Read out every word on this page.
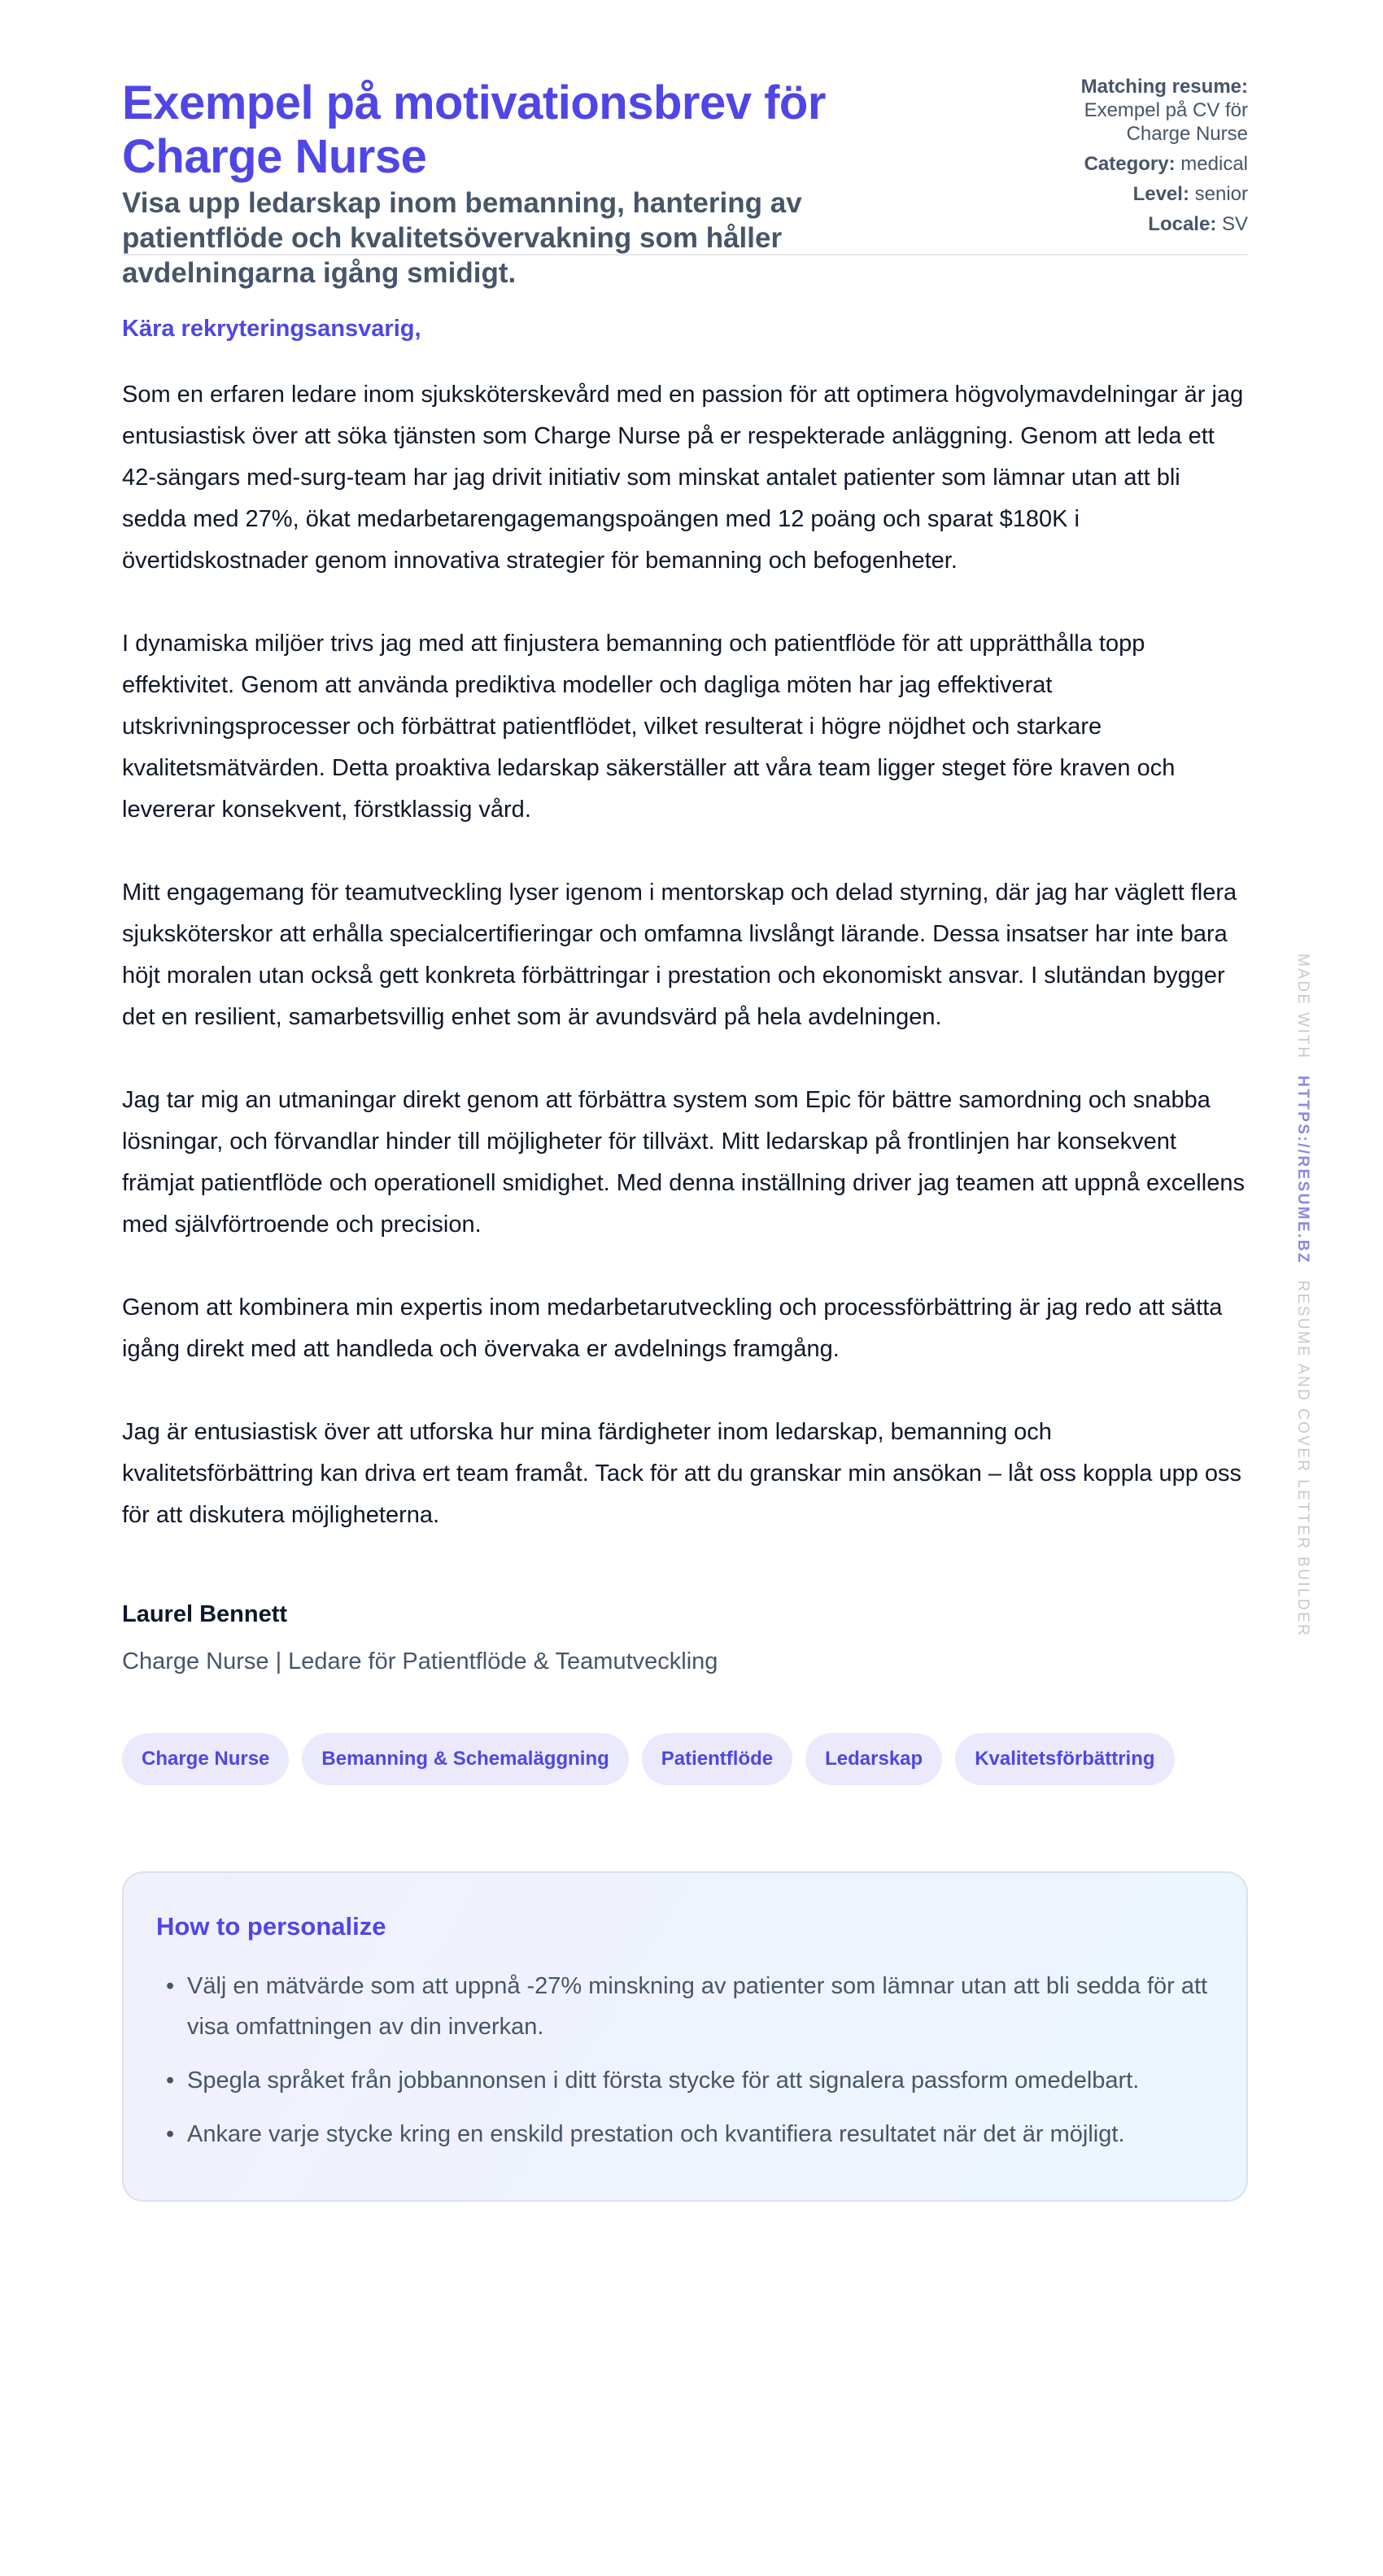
Exempel på motivationsbrev för Charge Nurse

Visa upp ledarskap inom bemanning, hantering av patientflöde och kvalitetsövervakning som håller avdelningarna igång smidigt.

Matching resume:
Exempel på CV för Charge Nurse
Category: medical
Level: senior
Locale: SV

Kära rekryteringsansvarig,

Som en erfaren ledare inom sjuksköterskevård med en passion för att optimera högvolymavdelningar är jag entusiastisk över att söka tjänsten som Charge Nurse på er respekterade anläggning. Genom att leda ett 42-sängars med-surg-team har jag drivit initiativ som minskat antalet patienter som lämnar utan att bli sedda med 27%, ökat medarbetarengagemangspoängen med 12 poäng och sparat $180K i övertidskostnader genom innovativa strategier för bemanning och befogenheter.

I dynamiska miljöer trivs jag med att finjustera bemanning och patientflöde för att upprätthålla topp effektivitet. Genom att använda prediktiva modeller och dagliga möten har jag effektiverat utskrivningsprocesser och förbättrat patientflödet, vilket resulterat i högre nöjdhet och starkare kvalitetsmätvärden. Detta proaktiva ledarskap säkerställer att våra team ligger steget före kraven och levererar konsekvent, förstklassig vård.

Mitt engagemang för teamutveckling lyser igenom i mentorskap och delad styrning, där jag har väglett flera sjuksköterskor att erhålla specialcertifieringar och omfamna livslångt lärande. Dessa insatser har inte bara höjt moralen utan också gett konkreta förbättringar i prestation och ekonomiskt ansvar. I slutändan bygger det en resilient, samarbetsvillig enhet som är avundsvärd på hela avdelningen.

Jag tar mig an utmaningar direkt genom att förbättra system som Epic för bättre samordning och snabba lösningar, och förvandlar hinder till möjligheter för tillväxt. Mitt ledarskap på frontlinjen har konsekvent främjat patientflöde och operationell smidighet. Med denna inställning driver jag teamen att uppnå excellens med självförtroende och precision.

Genom att kombinera min expertis inom medarbetarutveckling och processförbättring är jag redo att sätta igång direkt med att handleda och övervaka er avdelnings framgång.

Jag är entusiastisk över att utforska hur mina färdigheter inom ledarskap, bemanning och kvalitetsförbättring kan driva ert team framåt. Tack för att du granskar min ansökan – låt oss koppla upp oss för att diskutera möjligheterna.

Laurel Bennett
Charge Nurse | Ledare för Patientflöde & Teamutveckling
Charge Nurse	Bemanning & Schemaläggning	Patientflöde	Ledarskap	Kvalitetsförbättring
How to personalize
• Välj en mätvärde som att uppnå -27% minskning av patienter som lämnar utan att bli sedda för att visa omfattningen av din inverkan.
• Spegla språket från jobbannonsen i ditt första stycke för att signalera passform omedelbart.
• Ankare varje stycke kring en enskild prestation och kvantifiera resultatet när det är möjligt.
MADE WITH HTTPS://RESUME.BZ RESUME AND COVER LETTER BUILDER
